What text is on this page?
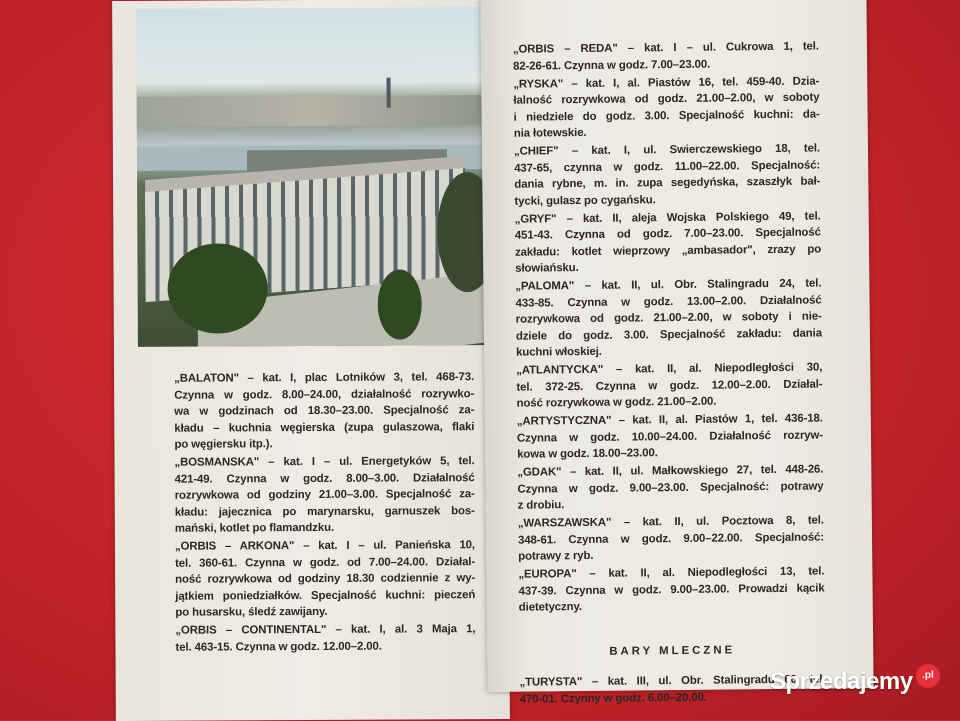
„BALATON" – kat. I, plac Lotników 3, tel. 468-73.
Czynna w godz. 8.00–24.00, działalność rozrywko-
wa w godzinach od 18.30–23.00. Specjalność za-
kładu – kuchnia węgierska (zupa gulaszowa, flaki
po węgiersku itp.).
„BOSMANSKA" – kat. I – ul. Energetyków 5, tel.
421-49. Czynna w godz. 8.00–3.00. Działalność
rozrywkowa od godziny 21.00–3.00. Specjalność za-
kładu: jajecznica po marynarsku, garnuszek bos-
mański, kotlet po flamandzku.
„ORBIS – ARKONA" – kat. I – ul. Panieńska 10,
tel. 360-61. Czynna w godz. od 7.00–24.00. Działal-
ność rozrywkowa od godziny 18.30 codziennie z wy-
jątkiem poniedziałków. Specjalność kuchni: pieczeń
po husarsku, śledź zawijany.
„ORBIS – CONTINENTAL" – kat. I, al. 3 Maja 1,
tel. 463-15. Czynna w godz. 12.00–2.00.
„ORBIS – REDA" – kat. I – ul. Cukrowa 1, tel.
82-26-61. Czynna w godz. 7.00–23.00.
„RYSKA" – kat. I, al. Piastów 16, tel. 459-40. Dzia-
łalność rozrywkowa od godz. 21.00–2.00, w soboty
i niedziele do godz. 3.00. Specjalność kuchni: da-
nia łotewskie.
„CHIEF" – kat. I, ul. Swierczewskiego 18, tel.
437-65, czynna w godz. 11.00–22.00. Specjalność:
dania rybne, m. in. zupa segedyńska, szaszłyk bał-
tycki, gulasz po cygańsku.
„GRYF" – kat. II, aleja Wojska Polskiego 49, tel.
451-43. Czynna od godz. 7.00–23.00. Specjalność
zakładu: kotlet wieprzowy „ambasador", zrazy po
słowiańsku.
„PALOMA" – kat. II, ul. Obr. Stalingradu 24, tel.
433-85. Czynna w godz. 13.00–2.00. Działalność
rozrywkowa od godz. 21.00–2.00, w soboty i nie-
dziele do godz. 3.00. Specjalność zakładu: dania
kuchni włoskiej.
„ATLANTYCKA" – kat. II, al. Niepodległości 30,
tel. 372-25. Czynna w godz. 12.00–2.00. Działal-
ność rozrywkowa w godz. 21.00–2.00.
„ARTYSTYCZNA" – kat. II, al. Piastów 1, tel. 436-18.
Czynna w godz. 10.00–24.00. Działalność rozryw-
kowa w godz. 18.00–23.00.
„GDAK" – kat. II, ul. Małkowskiego 27, tel. 448-26.
Czynna w godz. 9.00–23.00. Specjalność: potrawy
z drobiu.
„WARSZAWSKA" – kat. II, ul. Pocztowa 8, tel.
348-61. Czynna w godz. 9.00–22.00. Specjalność:
potrawy z ryb.
„EUROPA" – kat. II, al. Niepodległości 13, tel.
437-39. Czynna w godz. 9.00–23.00. Prowadzi kącik
dietetyczny.
BARY MLECZNE
„TURYSTA" – kat. III, ul. Obr. Stalingradu 60, tel.
470-01. Czynny w godz. 6.00–20.00.
Sprzedajemy .pl
